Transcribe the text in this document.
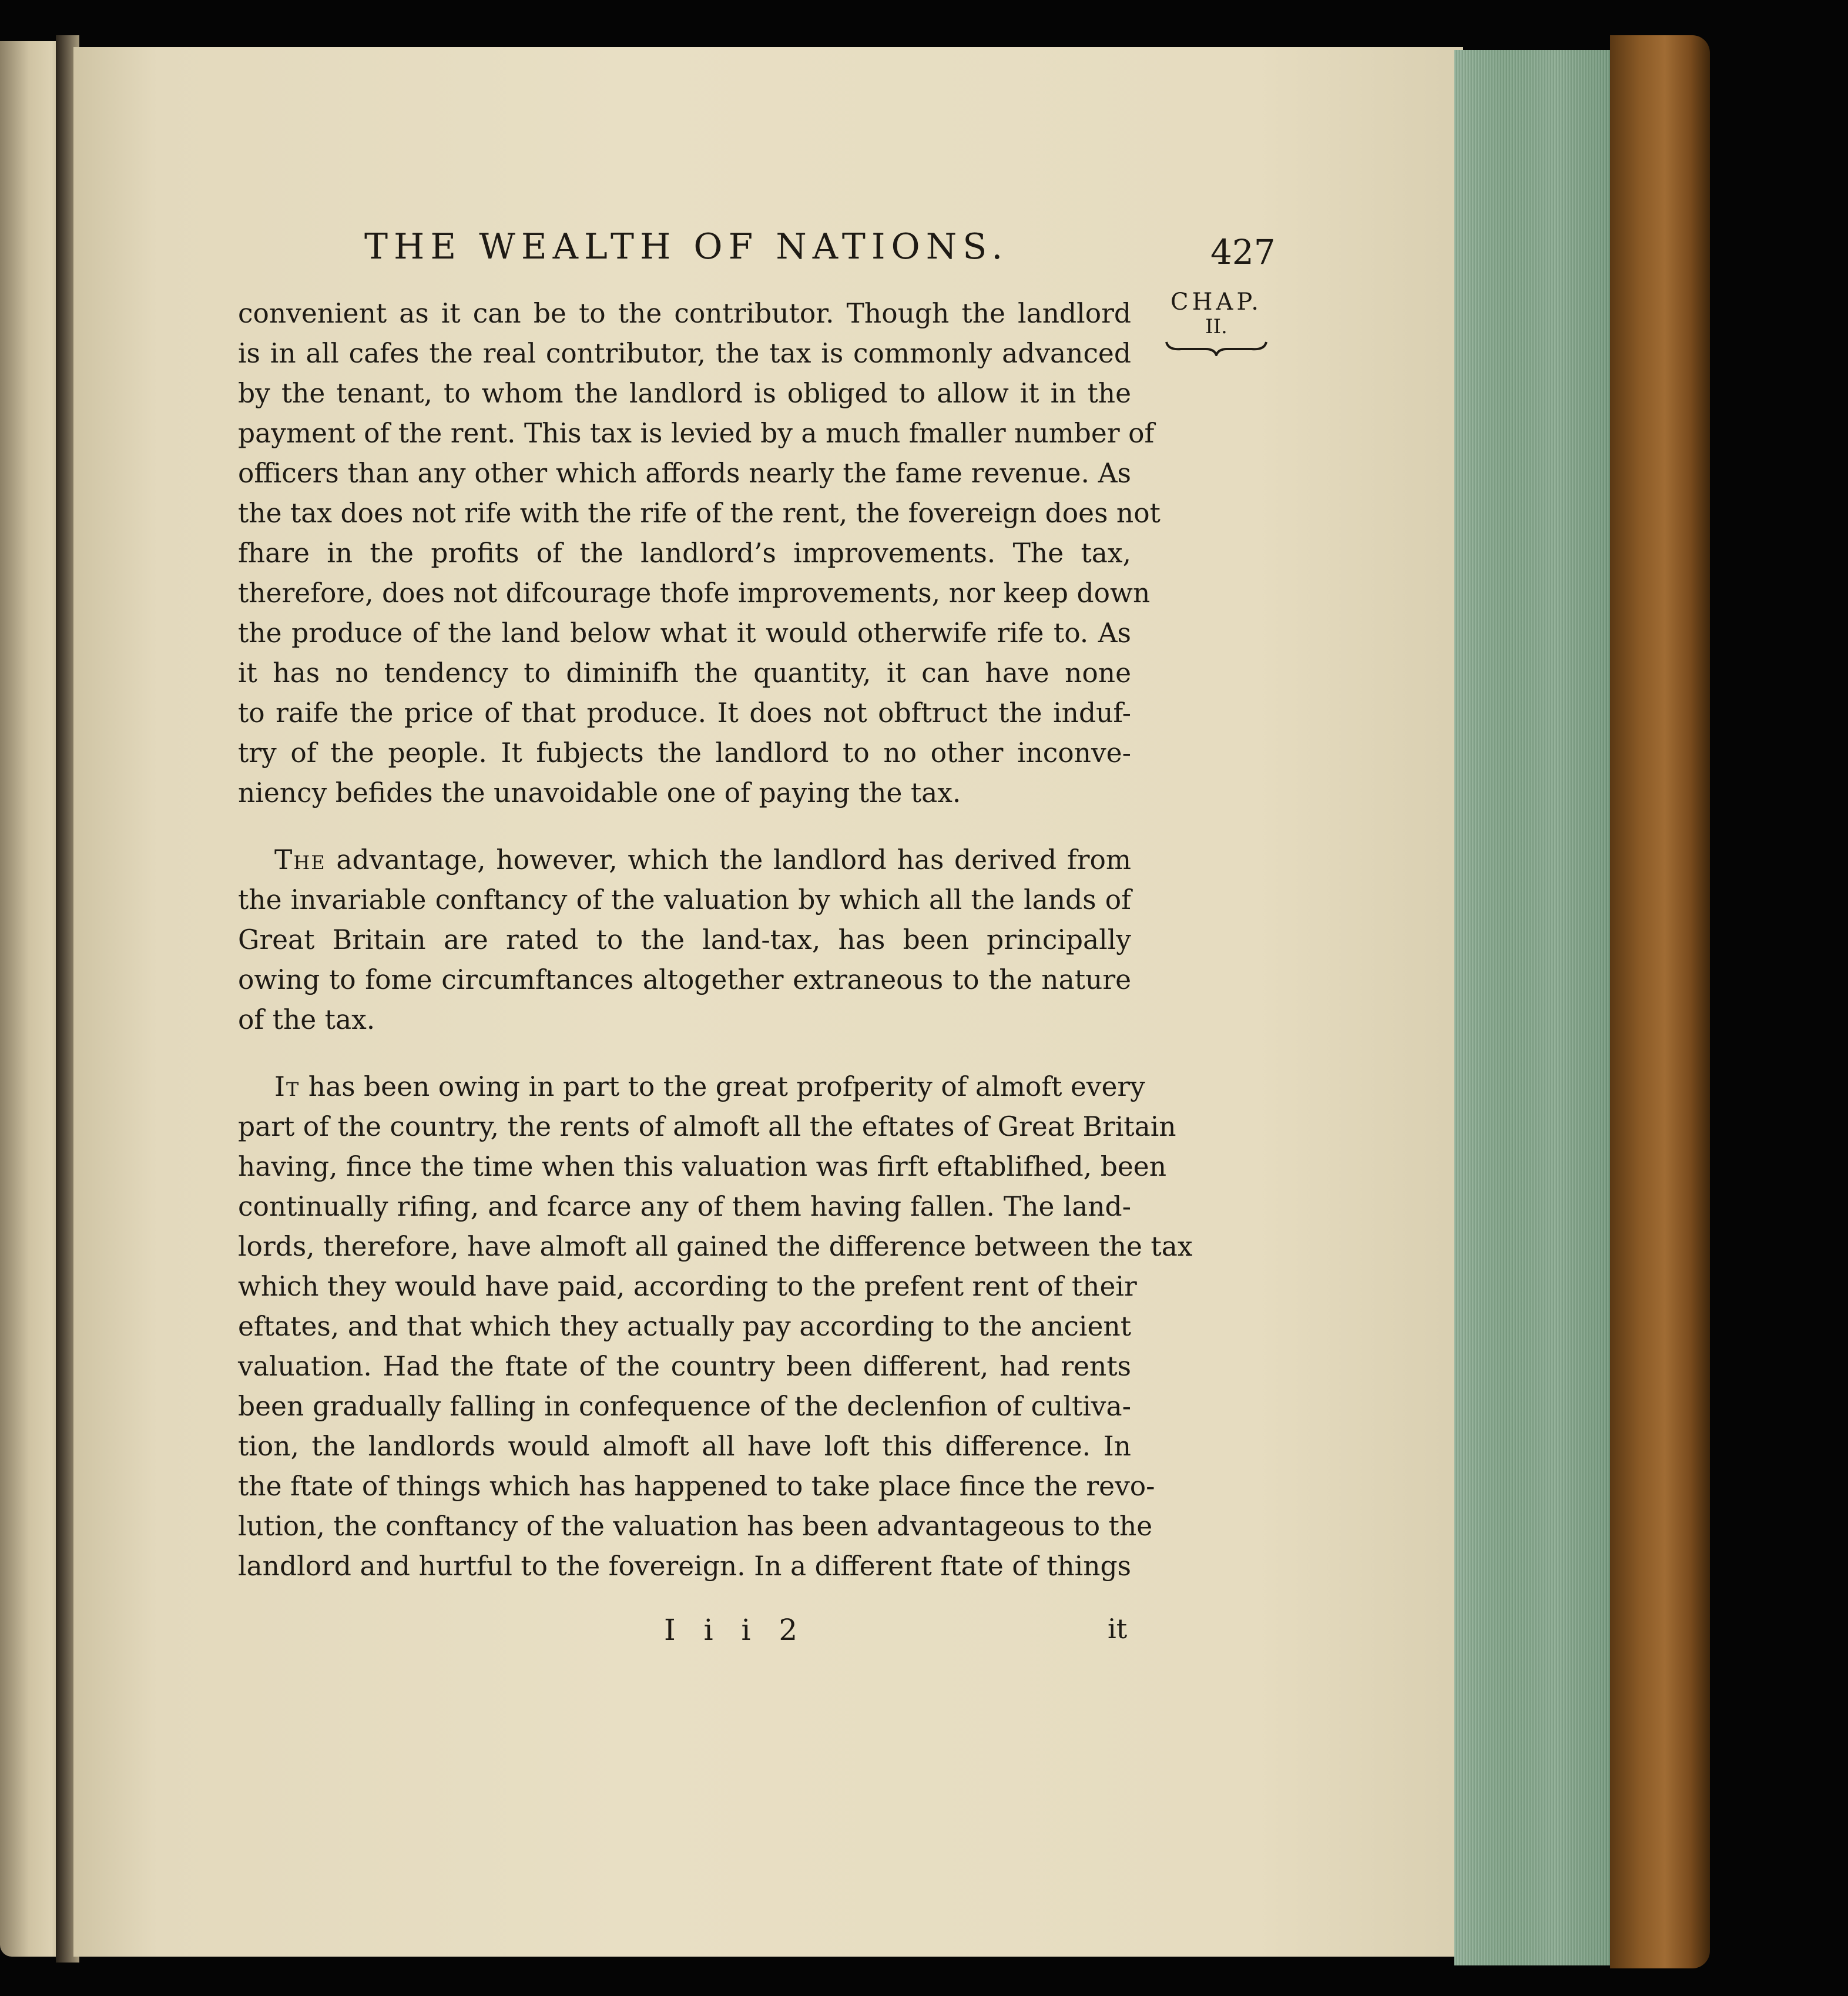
THE WEALTH OF NATIONS.	427
CHAP.
II.

convenient as it can be to the contributor. Though the landlord
is in all cafes the real contributor, the tax is commonly advanced
by the tenant, to whom the landlord is obliged to allow it in the
payment of the rent. This tax is levied by a much fmaller number of
officers than any other which affords nearly the fame revenue. As
the tax does not rife with the rife of the rent, the fovereign does not
fhare in the profits of the landlord’s improvements. The tax,
therefore, does not difcourage thofe improvements, nor keep down
the produce of the land below what it would otherwife rife to. As
it has no tendency to diminifh the quantity, it can have none
to raife the price of that produce. It does not obftruct the induf-
try of the people. It fubjects the landlord to no other inconve-
niency befides the unavoidable one of paying the tax.

The advantage, however, which the landlord has derived from
the invariable conftancy of the valuation by which all the lands of
Great Britain are rated to the land-tax, has been principally
owing to fome circumftances altogether extraneous to the nature
of the tax.

It has been owing in part to the great profperity of almoft every
part of the country, the rents of almoft all the eftates of Great Britain
having, fince the time when this valuation was firft eftablifhed, been
continually rifing, and fcarce any of them having fallen. The land-
lords, therefore, have almoft all gained the difference between the tax
which they would have paid, according to the prefent rent of their
eftates, and that which they actually pay according to the ancient
valuation. Had the ftate of the country been different, had rents
been gradually falling in confequence of the declenfion of cultiva-
tion, the landlords would almoft all have loft this difference. In
the ftate of things which has happened to take place fince the revo-
lution, the conftancy of the valuation has been advantageous to the
landlord and hurtful to the fovereign. In a different ftate of things

I i i 2	it
